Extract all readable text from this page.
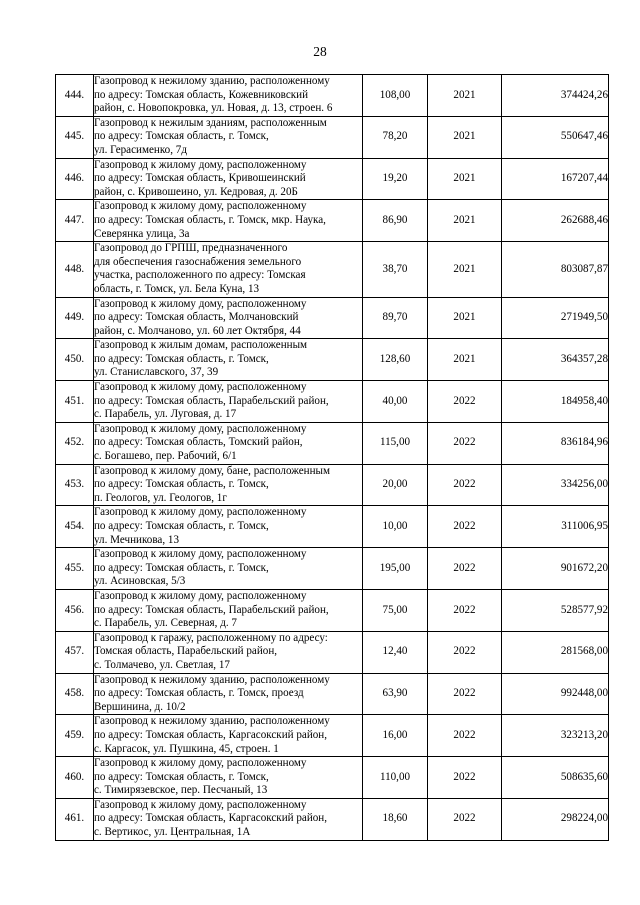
28
444.	Газопровод к нежилому зданию, расположенному
по адресу: Томская область, Кожевниковский
район, с. Новопокровка, ул. Новая, д. 13, строен. 6	108,00	2021	374424,26
445.	Газопровод к нежилым зданиям, расположенным
по адресу: Томская область, г. Томск,
ул. Герасименко, 7д	78,20	2021	550647,46
446.	Газопровод к жилому дому, расположенному
по адресу: Томская область, Кривошеинский
район, с. Кривошеино, ул. Кедровая, д. 20Б	19,20	2021	167207,44
447.	Газопровод к жилому дому, расположенному
по адресу: Томская область, г. Томск, мкр. Наука,
Северянка улица, 3а	86,90	2021	262688,46
448.	Газопровод до ГРПШ, предназначенного
для обеспечения газоснабжения земельного
участка, расположенного по адресу: Томская
область, г. Томск, ул. Бела Куна, 13	38,70	2021	803087,87
449.	Газопровод к жилому дому, расположенному
по адресу: Томская область, Молчановский
район, с. Молчаново, ул. 60 лет Октября, 44	89,70	2021	271949,50
450.	Газопровод к жилым домам, расположенным
по адресу: Томская область, г. Томск,
ул. Станиславского, 37, 39	128,60	2021	364357,28
451.	Газопровод к жилому дому, расположенному
по адресу: Томская область, Парабельский район,
с. Парабель, ул. Луговая, д. 17	40,00	2022	184958,40
452.	Газопровод к жилому дому, расположенному
по адресу: Томская область, Томский район,
с. Богашево, пер. Рабочий, 6/1	115,00	2022	836184,96
453.	Газопровод к жилому дому, бане, расположенным
по адресу: Томская область, г. Томск,
п. Геологов, ул. Геологов, 1г	20,00	2022	334256,00
454.	Газопровод к жилому дому, расположенному
по адресу: Томская область, г. Томск,
ул. Мечникова, 13	10,00	2022	311006,95
455.	Газопровод к жилому дому, расположенному
по адресу: Томская область, г. Томск,
ул. Асиновская, 5/3	195,00	2022	901672,20
456.	Газопровод к жилому дому, расположенному
по адресу: Томская область, Парабельский район,
с. Парабель, ул. Северная, д. 7	75,00	2022	528577,92
457.	Газопровод к гаражу, расположенному по адресу:
Томская область, Парабельский район,
с. Толмачево, ул. Светлая, 17	12,40	2022	281568,00
458.	Газопровод к нежилому зданию, расположенному
по адресу: Томская область, г. Томск, проезд
Вершинина, д. 10/2	63,90	2022	992448,00
459.	Газопровод к нежилому зданию, расположенному
по адресу: Томская область, Каргасокский район,
с. Каргасок, ул. Пушкина, 45, строен. 1	16,00	2022	323213,20
460.	Газопровод к жилому дому, расположенному
по адресу: Томская область, г. Томск,
с. Тимирязевское, пер. Песчаный, 13	110,00	2022	508635,60
461.	Газопровод к жилому дому, расположенному
по адресу: Томская область, Каргасокский район,
с. Вертикос, ул. Центральная, 1А	18,60	2022	298224,00
